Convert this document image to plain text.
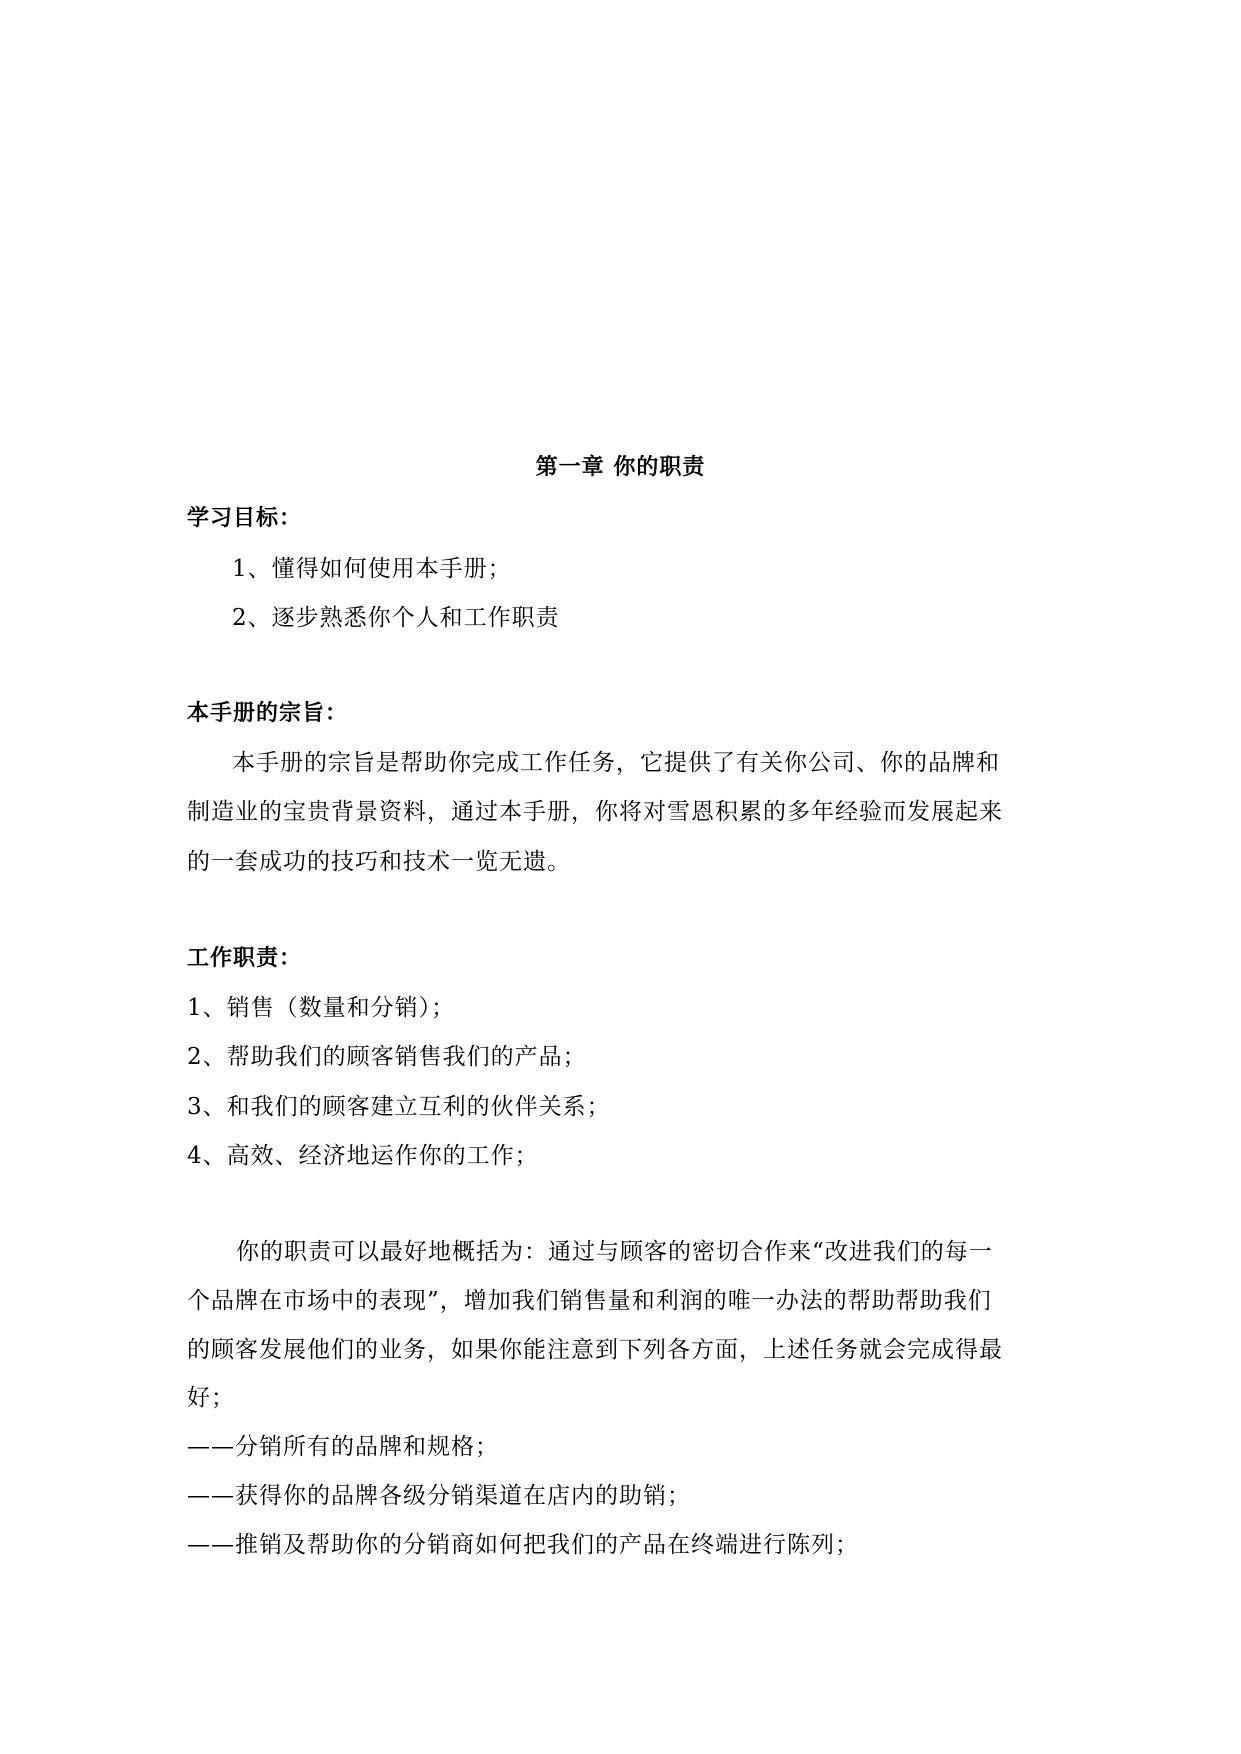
第一章 你的职责
学习目标：
1、懂得如何使用本手册；
2、逐步熟悉你个人和工作职责
本手册的宗旨：
本手册的宗旨是帮助你完成工作任务，它提供了有关你公司、你的品牌和
制造业的宝贵背景资料，通过本手册，你将对雪恩积累的多年经验而发展起来
的一套成功的技巧和技术一览无遗。
工作职责：
1、销售（数量和分销）；
2、帮助我们的顾客销售我们的产品；
3、和我们的顾客建立互利的伙伴关系；
4、高效、经济地运作你的工作；
你的职责可以最好地概括为：通过与顾客的密切合作来“改进我们的每一
个品牌在市场中的表现”，增加我们销售量和利润的唯一办法的帮助帮助我们
的顾客发展他们的业务，如果你能注意到下列各方面，上述任务就会完成得最
好；
——分销所有的品牌和规格；
——获得你的品牌各级分销渠道在店内的助销；
——推销及帮助你的分销商如何把我们的产品在终端进行陈列；
